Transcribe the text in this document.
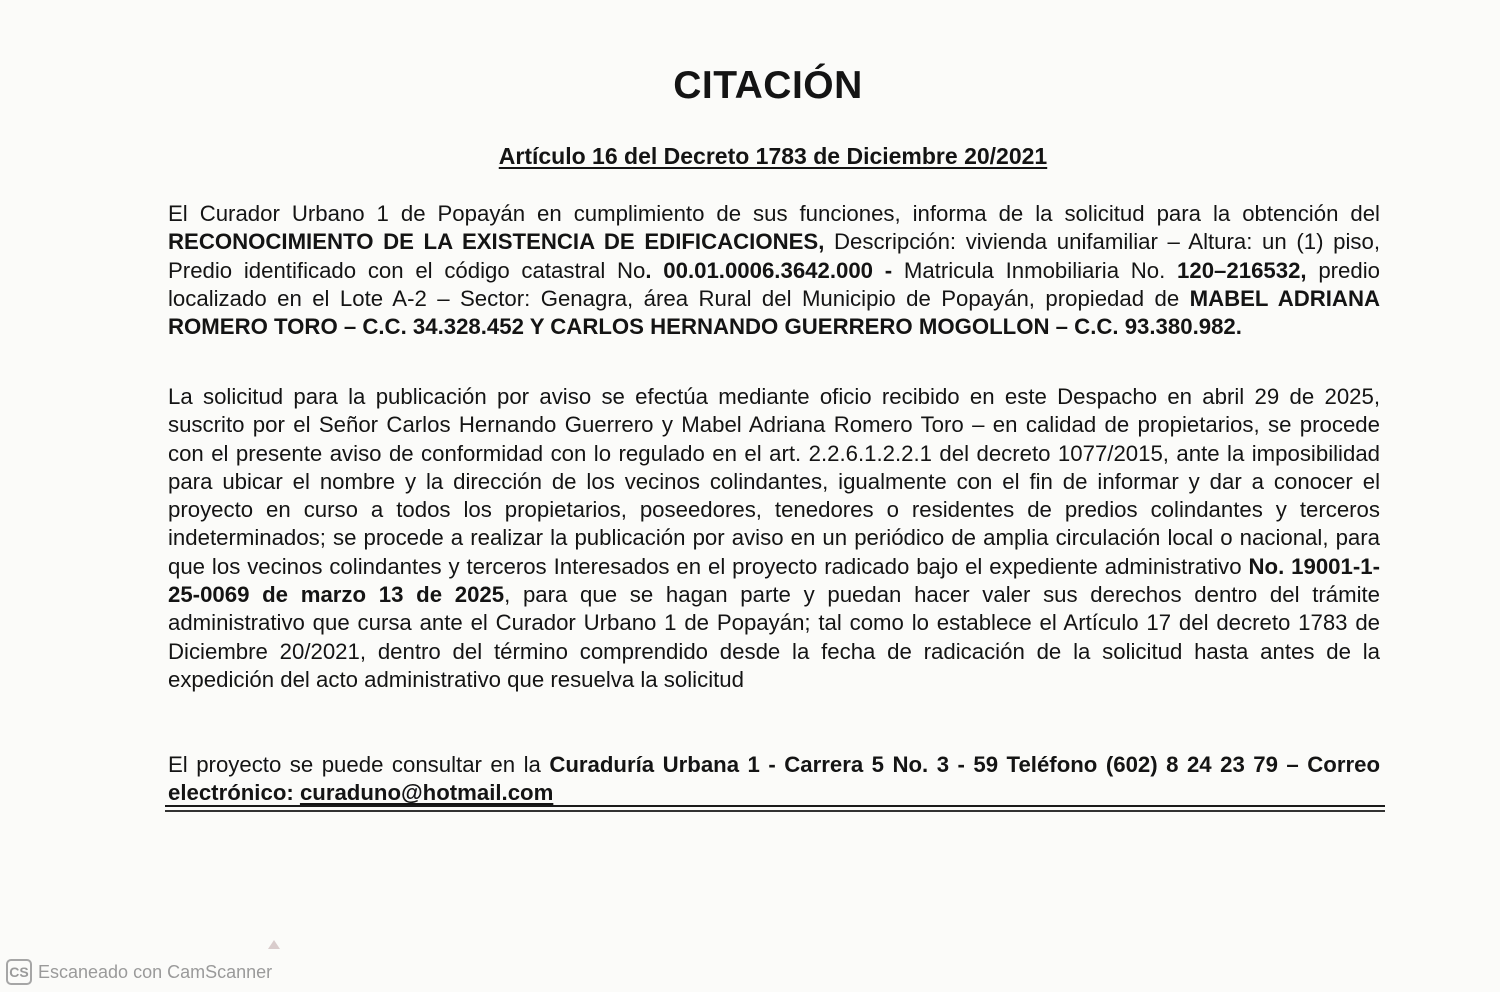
CITACIÓN
Artículo 16 del Decreto 1783 de Diciembre 20/2021

El Curador Urbano 1 de Popayán en cumplimiento de sus funciones, informa de la solicitud para la obtención del RECONOCIMIENTO DE LA EXISTENCIA DE EDIFICACIONES, Descripción: vivienda unifamiliar – Altura: un (1) piso, Predio identificado con el código catastral No. 00.01.0006.3642.000 - Matricula Inmobiliaria No. 120–216532, predio localizado en el Lote A-2 – Sector: Genagra, área Rural del Municipio de Popayán, propiedad de MABEL ADRIANA ROMERO TORO – C.C. 34.328.452 Y CARLOS HERNANDO GUERRERO MOGOLLON – C.C. 93.380.982.

La solicitud para la publicación por aviso se efectúa mediante oficio recibido en este Despacho en abril 29 de 2025, suscrito por el Señor Carlos Hernando Guerrero y Mabel Adriana Romero Toro – en calidad de propietarios, se procede con el presente aviso de conformidad con lo regulado en el art. 2.2.6.1.2.2.1 del decreto 1077/2015, ante la imposibilidad para ubicar el nombre y la dirección de los vecinos colindantes, igualmente con el fin de informar y dar a conocer el proyecto en curso a todos los propietarios, poseedores, tenedores o residentes de predios colindantes y terceros indeterminados; se procede a realizar la publicación por aviso en un periódico de amplia circulación local o nacional, para que los vecinos colindantes y terceros Interesados en el proyecto radicado bajo el expediente administrativo No. 19001-1-25-0069 de marzo 13 de 2025, para que se hagan parte y puedan hacer valer sus derechos dentro del trámite administrativo que cursa ante el Curador Urbano 1 de Popayán; tal como lo establece el Artículo 17 del decreto 1783 de Diciembre 20/2021, dentro del término comprendido desde la fecha de radicación de la solicitud hasta antes de la expedición del acto administrativo que resuelva la solicitud

El proyecto se puede consultar en la Curaduría Urbana 1 - Carrera 5 No. 3 - 59 Teléfono (602) 8 24 23 79 – Correo electrónico: curaduno@hotmail.com

CS Escaneado con CamScanner
